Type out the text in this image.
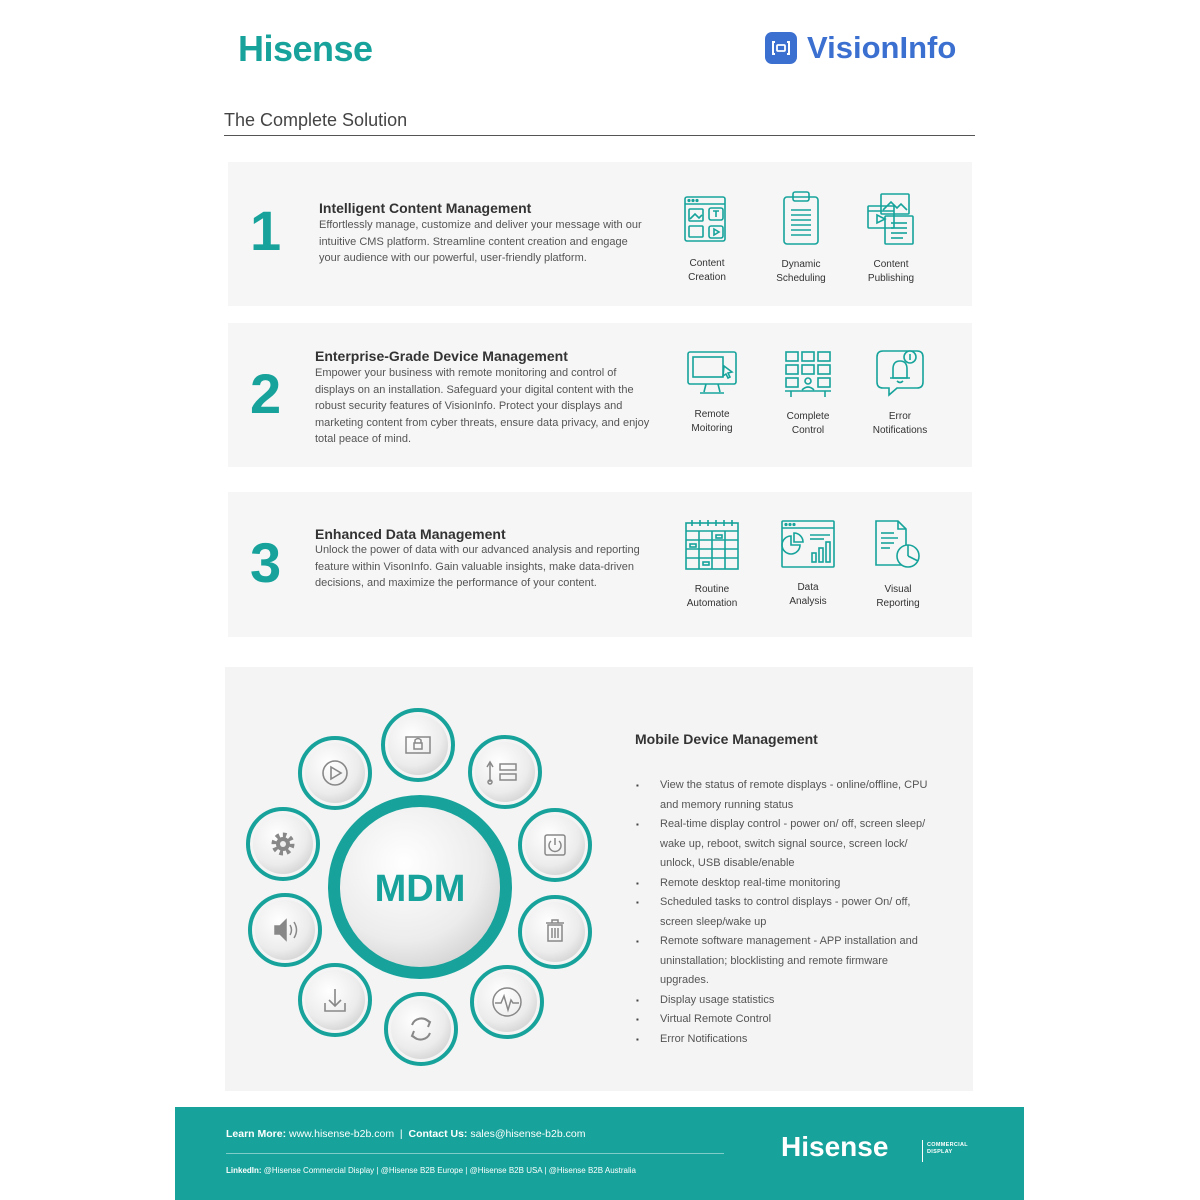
Hisense	VisionInfo
The Complete Solution
1	Intelligent Content Management
Effortlessly manage, customize and deliver your message with our intuitive CMS platform. Streamline content creation and engage your audience with our powerful, user-friendly platform.	Content
Creation
Dynamic
Scheduling
Content
Publishing
2
Enterprise-Grade Device Management
Empower your business with remote monitoring and control of displays on an installation. Safeguard your digital content with the robust security features of VisionInfo. Protect your displays and marketing content from cyber threats, ensure data privacy, and enjoy total peace of mind.
Remote
Moitoring
Complete
Control
Error
Notifications
3 Enhanced Data Management
Unlock the power of data with our advanced analysis and reporting feature within VisonInfo. Gain valuable insights, make data-driven decisions, and maximize the performance of your content.
Routine
Automation
Data
Analysis
Visual
Reporting
MDM
Mobile Device Management
▪ View the status of remote displays - online/offline, CPU and memory running status
▪ Real-time display control - power on/ off, screen sleep/ wake up, reboot, switch signal source, screen lock/ unlock, USB disable/enable
▪ Remote desktop real-time monitoring
▪ Scheduled tasks to control displays - power On/ off, screen sleep/wake up
▪ Remote software management - APP installation and uninstallation; blocklisting and remote firmware upgrades.
▪ Display usage statistics
▪ Virtual Remote Control
▪ Error Notifications
Learn More: www.hisense-b2b.com | Contact Us: sales@hisense-b2b.com
LinkedIn: @Hisense Commercial Display | @Hisense B2B Europe | @Hisense B2B USA | @Hisense B2B Australia
Hisense	COMMERCIAL
DISPLAY
